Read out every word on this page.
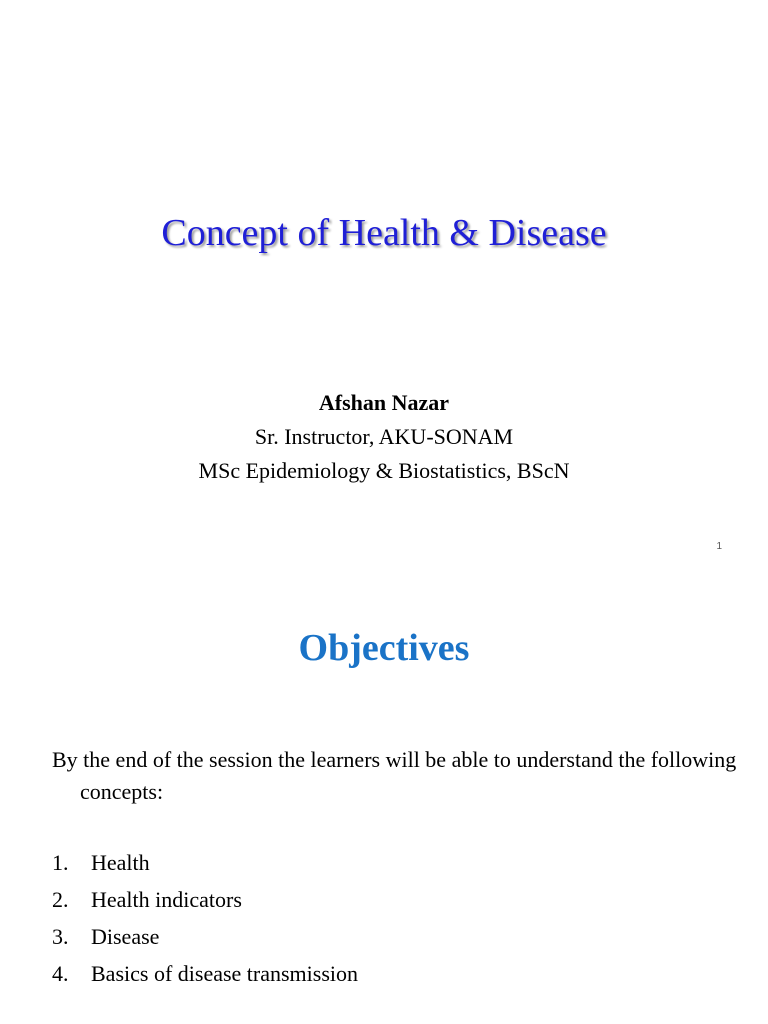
Concept of Health & Disease
Afshan Nazar
Sr. Instructor, AKU-SONAM
MSc Epidemiology & Biostatistics, BScN
1
Objectives
By the end of the session the learners will be able to understand the following concepts:
1.	Health
2.	Health indicators
3.	Disease
4.	Basics of disease transmission
